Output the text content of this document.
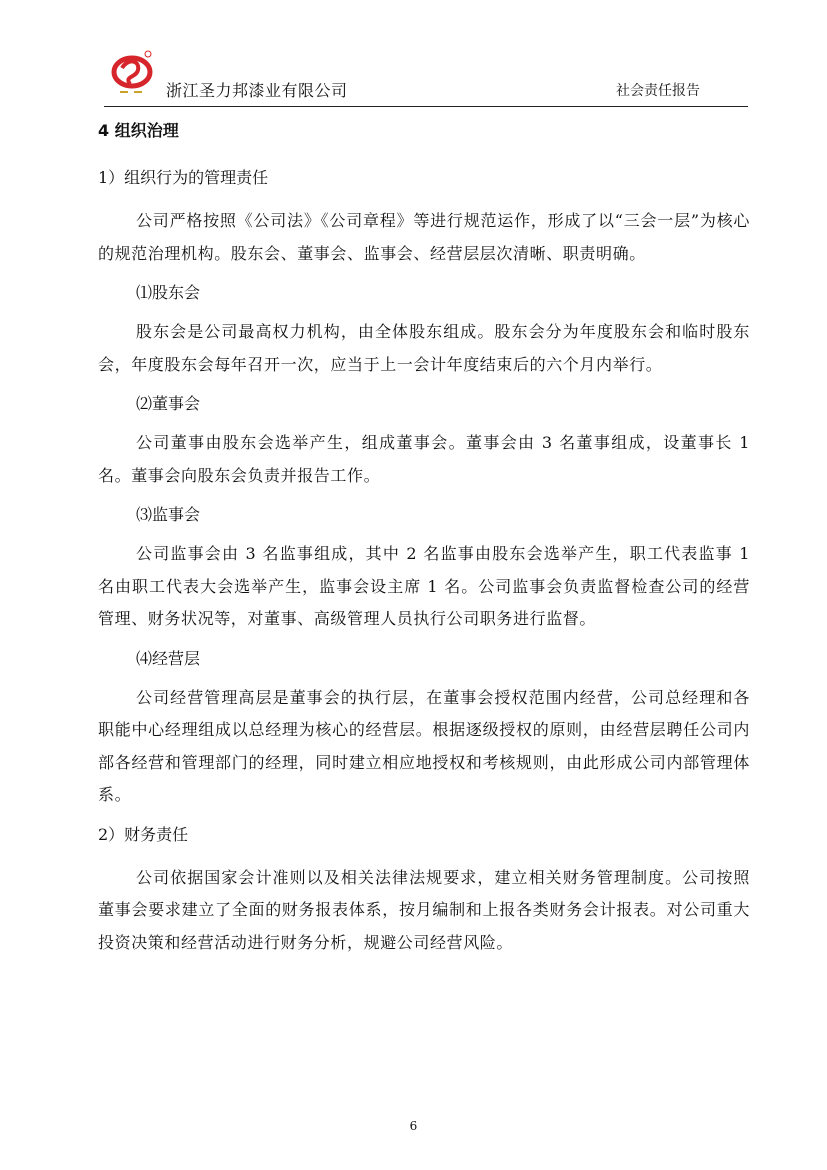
浙江圣力邦漆业有限公司	社会责任报告
4 组织治理
1）组织行为的管理责任

公司严格按照《公司法》《公司章程》等进行规范运作，形成了以“三会一层”为核心的规范治理机构。股东会、董事会、监事会、经营层层次清晰、职责明确。

⑴股东会

股东会是公司最高权力机构，由全体股东组成。股东会分为年度股东会和临时股东会，年度股东会每年召开一次，应当于上一会计年度结束后的六个月内举行。

⑵董事会

公司董事由股东会选举产生，组成董事会。董事会由 3 名董事组成，设董事长 1 名。董事会向股东会负责并报告工作。

⑶监事会

公司监事会由 3 名监事组成，其中 2 名监事由股东会选举产生，职工代表监事 1 名由职工代表大会选举产生，监事会设主席 1 名。公司监事会负责监督检查公司的经营管理、财务状况等，对董事、高级管理人员执行公司职务进行监督。

⑷经营层

公司经营管理高层是董事会的执行层，在董事会授权范围内经营，公司总经理和各职能中心经理组成以总经理为核心的经营层。根据逐级授权的原则，由经营层聘任公司内部各经营和管理部门的经理，同时建立相应地授权和考核规则，由此形成公司内部管理体系。

2）财务责任

公司依据国家会计准则以及相关法律法规要求，建立相关财务管理制度。公司按照董事会要求建立了全面的财务报表体系，按月编制和上报各类财务会计报表。对公司重大投资决策和经营活动进行财务分析，规避公司经营风险。

6
